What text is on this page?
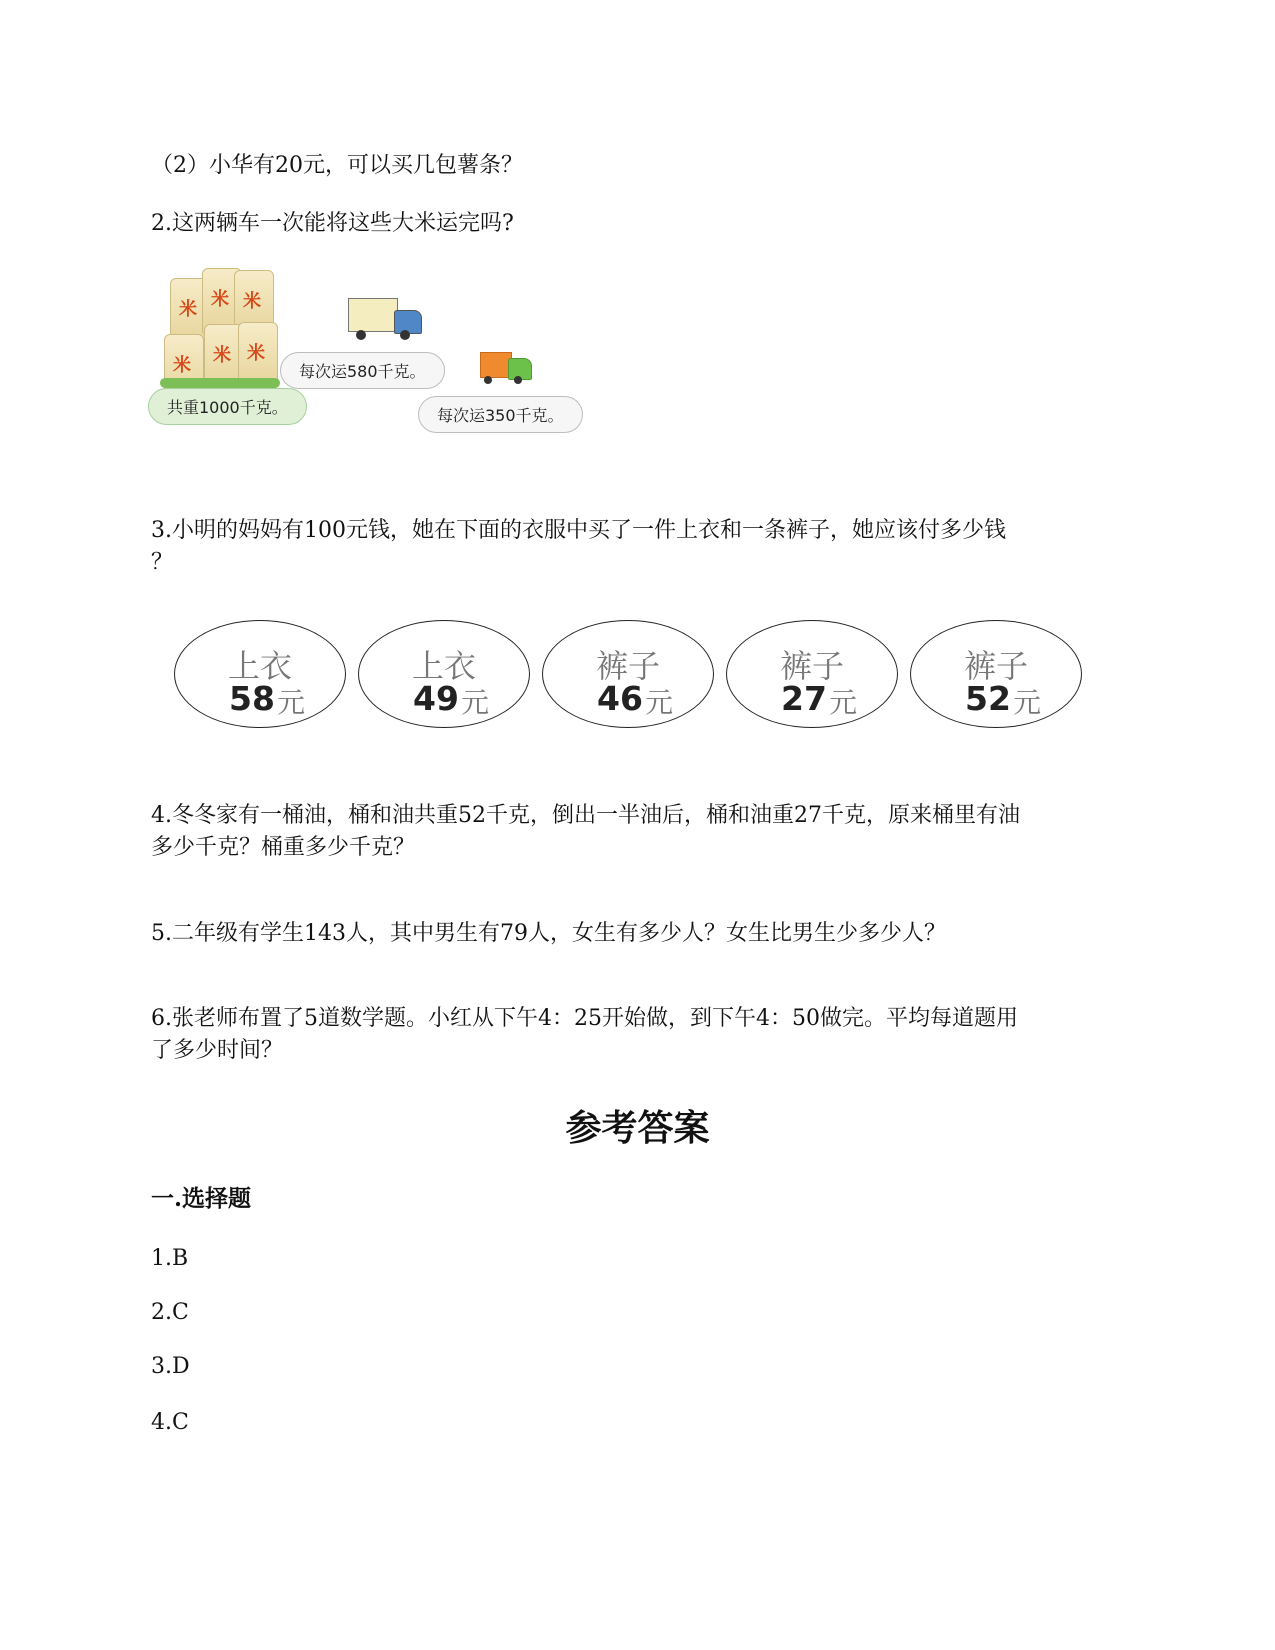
（2）小华有20元，可以买几包薯条？
2.这两辆车一次能将这些大米运完吗?
米
米
米
米
米
米
每次运580千克。
共重1000千克。	每次运350千克。
3.小明的妈妈有100元钱，她在下面的衣服中买了一件上衣和一条裤子，她应该付多少钱
？
上衣
58 元
上衣
49 元
裤子
46 元
裤子
27 元
裤子
52 元
4.冬冬家有一桶油，桶和油共重52千克，倒出一半油后，桶和油重27千克，原来桶里有油
多少千克？桶重多少千克？
5.二年级有学生143人，其中男生有79人，女生有多少人？女生比男生少多少人？
6.张老师布置了5道数学题。小红从下午4：25开始做，到下午4：50做完。平均每道题用
了多少时间？
参考答案
一.选择题
1.B
2.C
3.D
4.C
